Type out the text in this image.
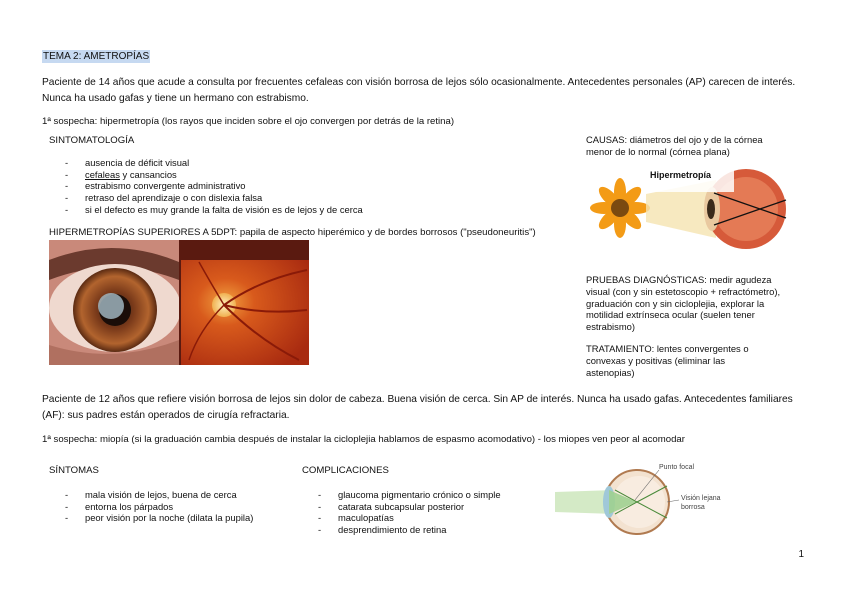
TEMA 2: AMETROPÍAS
Paciente de 14 años que acude a consulta por frecuentes cefaleas con visión borrosa de lejos sólo ocasionalmente. Antecedentes personales (AP) carecen de interés. Nunca ha usado gafas y tiene un hermano con estrabismo.
1ª sospecha: hipermetropía (los rayos que inciden sobre el ojo convergen por detrás de la retina)
SINTOMATOLOGÍA
- ausencia de déficit visual
- cefaleas y cansancios
- estrabismo convergente administrativo
- retraso del aprendizaje o con dislexia falsa
- si el defecto es muy grande la falta de visión es de lejos y de cerca
HIPERMETROPÍAS SUPERIORES A 5DPT: papila de aspecto hiperémico y de bordes borrosos ("pseudoneuritis")
CAUSAS: diámetros del ojo y de la córnea menor de lo normal (córnea plana)
Hipermetropía
PRUEBAS DIAGNÓSTICAS: medir agudeza visual (con y sin estetoscopio + refractómetro), graduación con y sin cicloplejia, explorar la motilidad extrínseca ocular (suelen tener estrabismo)
TRATAMIENTO: lentes convergentes o convexas y positivas (eliminar las astenopias)
Paciente de 12 años que refiere visión borrosa de lejos sin dolor de cabeza. Buena visión de cerca. Sin AP de interés. Nunca ha usado gafas. Antecedentes familiares (AF): sus padres están operados de cirugía refractaria.
1ª sospecha: miopía (si la graduación cambia después de instalar la cicloplejia hablamos de espasmo acomodativo) - los miopes ven peor al acomodar
SÍNTOMAS
- mala visión de lejos, buena de cerca
- entorna los párpados
- peor visión por la noche (dilata la pupila)
COMPLICACIONES
- glaucoma pigmentario crónico o simple
- catarata subcapsular posterior
- maculopatías
- desprendimiento de retina
Punto focal
Visión lejana
borrosa
1
